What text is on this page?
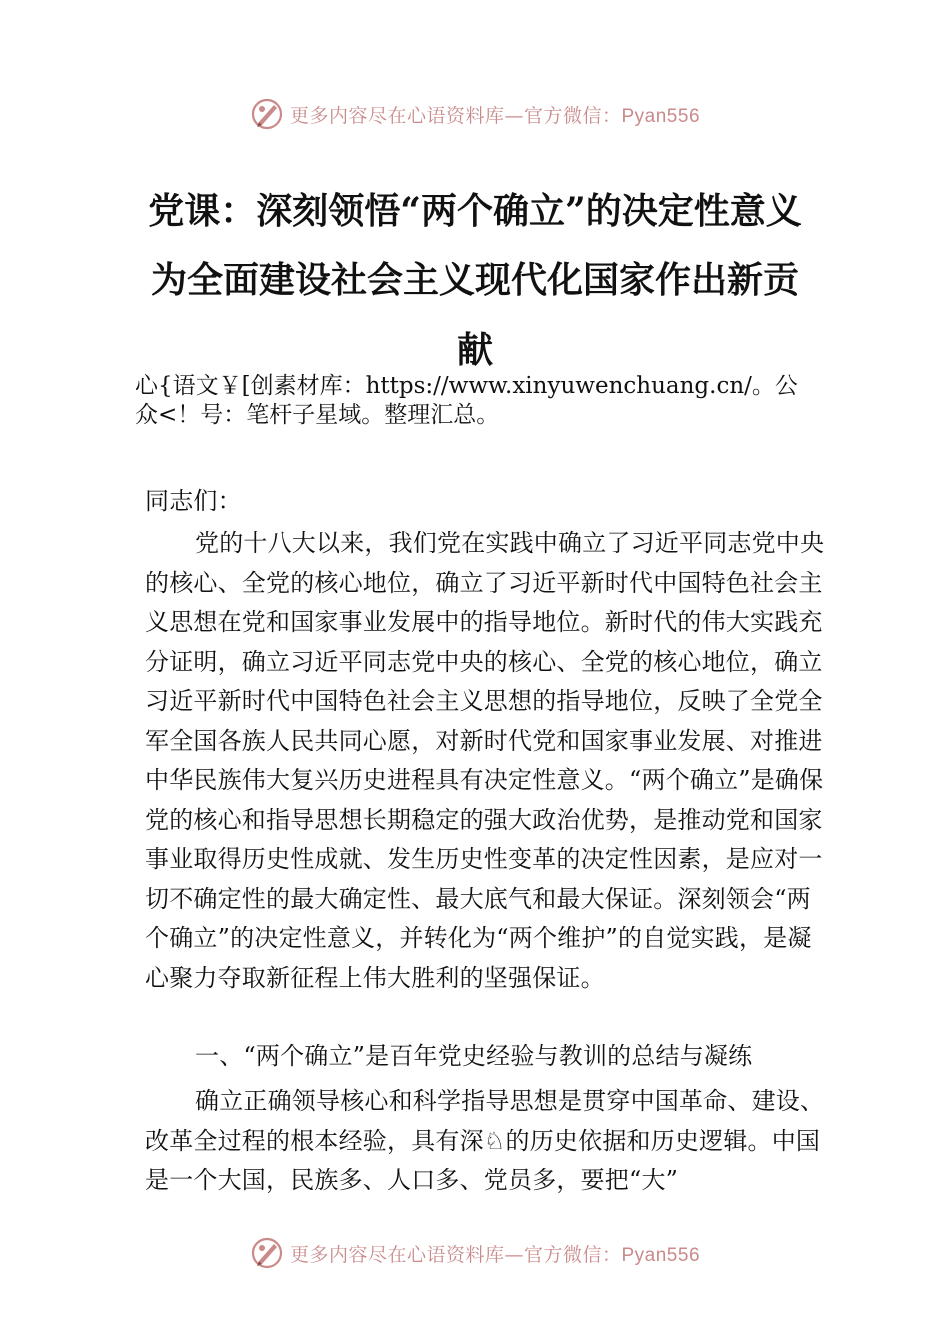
更多内容尽在心语资料库—官方微信：Pyan556
党课：深刻领悟“两个确立”的决定性意义
为全面建设社会主义现代化国家作出新贡
献
心{语文￥[创素材库：https://www.xinyuwenchuang.cn/。公
众<！号：笔杆子星域。整理汇总。
同志们：
党的十八大以来，我们党在实践中确立了习近平同志党中央的核心、全党的核心地位，确立了习近平新时代中国特色社会主义思想在党和国家事业发展中的指导地位。新时代的伟大实践充分证明，确立习近平同志党中央的核心、全党的核心地位，确立习近平新时代中国特色社会主义思想的指导地位，反映了全党全军全国各族人民共同心愿，对新时代党和国家事业发展、对推进中华民族伟大复兴历史进程具有决定性意义。“两个确立”是确保党的核心和指导思想长期稳定的强大政治优势，是推动党和国家事业取得历史性成就、发生历史性变革的决定性因素，是应对一切不确定性的最大确定性、最大底气和最大保证。深刻领会“两个确立”的决定性意义，并转化为“两个维护”的自觉实践，是凝心聚力夺取新征程上伟大胜利的坚强保证。
一、“两个确立”是百年党史经验与教训的总结与凝练
确立正确领导核心和科学指导思想是贯穿中国革命、建设、改革全过程的根本经验，具有深♘的历史依据和历史逻辑。中国是一个大国，民族多、人口多、党员多，要把“大”
更多内容尽在心语资料库—官方微信：Pyan556
